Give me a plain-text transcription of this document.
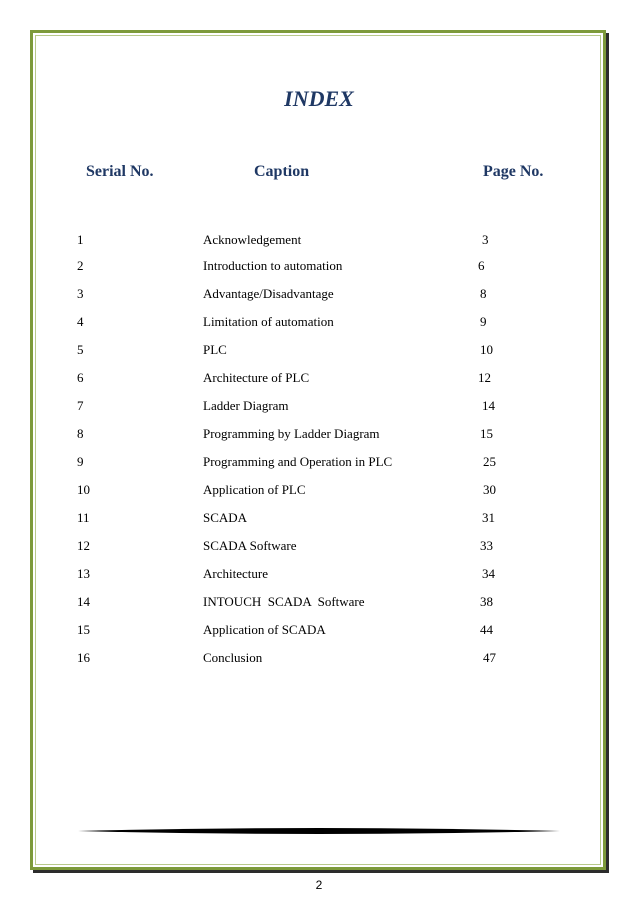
INDEX
Serial No.	Caption	Page No.
1	Acknowledgement	3
2	Introduction to automation	6
3	Advantage/Disadvantage	8
4	Limitation of automation	9
5	PLC	10
6	Architecture of PLC	12
7	Ladder Diagram	14
8	Programming by Ladder Diagram	15
9	Programming and Operation in PLC	25
10	Application of PLC	30
11	SCADA	31
12	SCADA Software	33
13	Architecture	34
14	INTOUCH  SCADA  Software	38
15	Application of SCADA	44
16	Conclusion	47
2
